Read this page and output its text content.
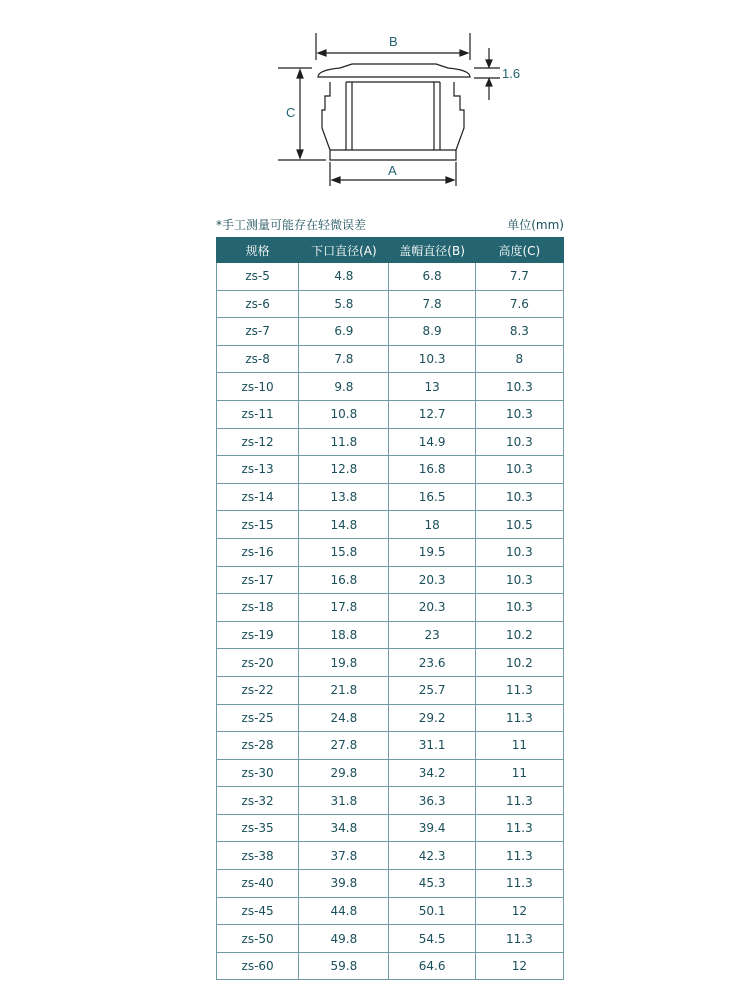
B
1.6
C
A
*手工测量可能存在轻微误差	单位(mm)
规格	下口直径(A)	盖帽直径(B)	高度(C)
zs-5	4.8	6.8	7.7
zs-6	5.8	7.8	7.6
zs-7	6.9	8.9	8.3
zs-8	7.8	10.3	8
zs-10	9.8	13	10.3
zs-11	10.8	12.7	10.3
zs-12	11.8	14.9	10.3
zs-13	12.8	16.8	10.3
zs-14	13.8	16.5	10.3
zs-15	14.8	18	10.5
zs-16	15.8	19.5	10.3
zs-17	16.8	20.3	10.3
zs-18	17.8	20.3	10.3
zs-19	18.8	23	10.2
zs-20	19.8	23.6	10.2
zs-22	21.8	25.7	11.3
zs-25	24.8	29.2	11.3
zs-28	27.8	31.1	11
zs-30	29.8	34.2	11
zs-32	31.8	36.3	11.3
zs-35	34.8	39.4	11.3
zs-38	37.8	42.3	11.3
zs-40	39.8	45.3	11.3
zs-45	44.8	50.1	12
zs-50	49.8	54.5	11.3
zs-60	59.8	64.6	12
